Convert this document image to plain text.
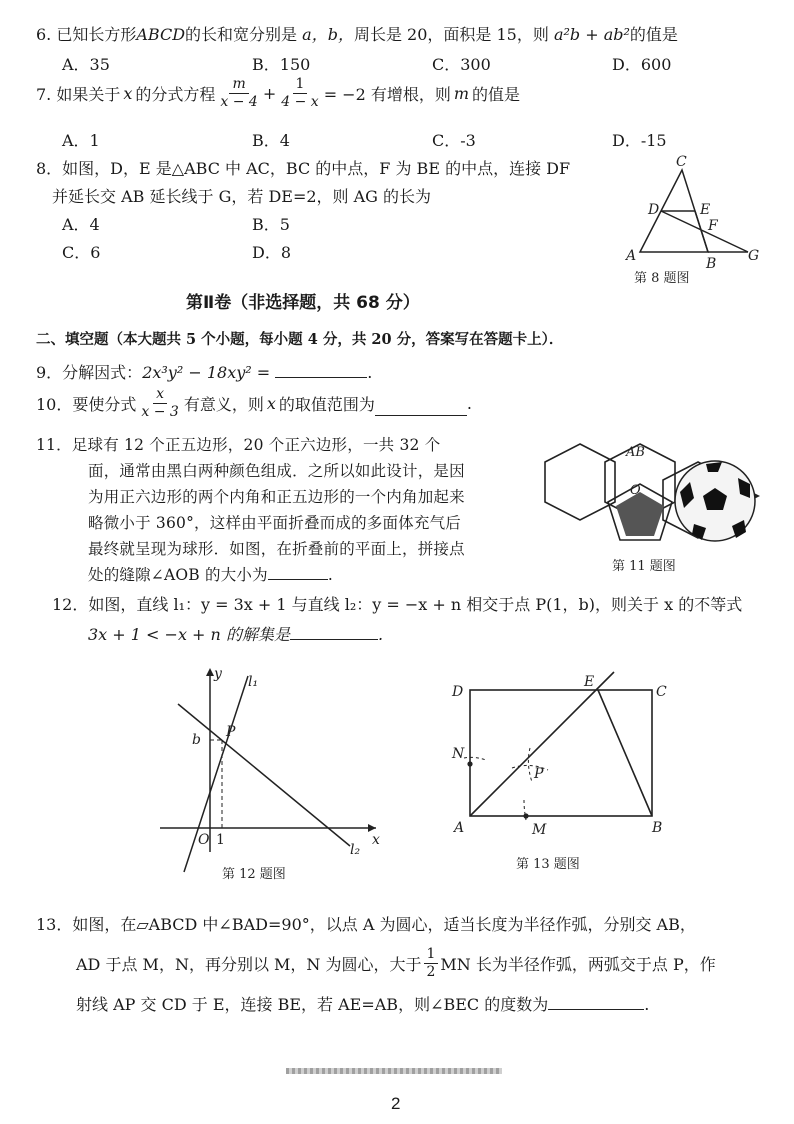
6. 已知长方形ABCD的长和宽分别是 a，b，周长是 20，面积是 15，则 a²b + ab²的值是
A．35	B．150	C．300	D．600
7. 如果关于 x 的分式方程 $\frac{m}{x - 4} + \frac{1}{4 - x} = -2$ 有增根，则 m 的值是
A．1	B．4	C．-3	D．-15
8．如图，D，E 是△ABC 中 AC，BC 的中点，F 为 BE 的中点，连接 DF
并延长交 AB 延长线于 G，若 DE=2，则 AG 的长为
A．4	B．5
C．6	D．8
C
D	E
F
A	B G
第 8 题图
第Ⅱ卷（非选择题，共 68 分）
二、填空题（本大题共 5 个小题，每小题 4 分，共 20 分，答案写在答题卡上）．
9．分解因式：2x³y² − 18xy² =	.
10．要使分式 $\frac{x}{x - 3}$ 有意义，则 x 的取值范围为	.
11．足球有 12 个正五边形，20 个正六边形，一共 32 个
面，通常由黑白两种颜色组成．之所以如此设计，是因
为用正六边形的两个内角和正五边形的一个内角加起来
略微小于 360°，这样由平面折叠而成的多面体充气后
最终就呈现为球形．如图，在折叠前的平面上，拼接点
处的缝隙∠AOB 的大小为	.
AB
O
第 11 题图
12．如图，直线 l₁：y = 3x + 1 与直线 l₂：y = −x + n 相交于点 P(1，b)，则关于 x 的不等式
3x + 1 < −x + n 的解集是	.
y l₁
b P
O 1	x
l₂
第 12 题图
D
E
C
N
P
A	M	B
第 13 题图
13．如图，在▱ABCD 中∠BAD=90°，以点 A 为圆心，适当长度为半径作弧，分别交 AB，
AD 于点 M，N，再分别以 M，N 为圆心，大于 $\frac{1}{2}$ MN 长为半径作弧，两弧交于点 P，作
射线 AP 交 CD 于 E，连接 BE，若 AE=AB，则∠BEC 的度数为	.
2
